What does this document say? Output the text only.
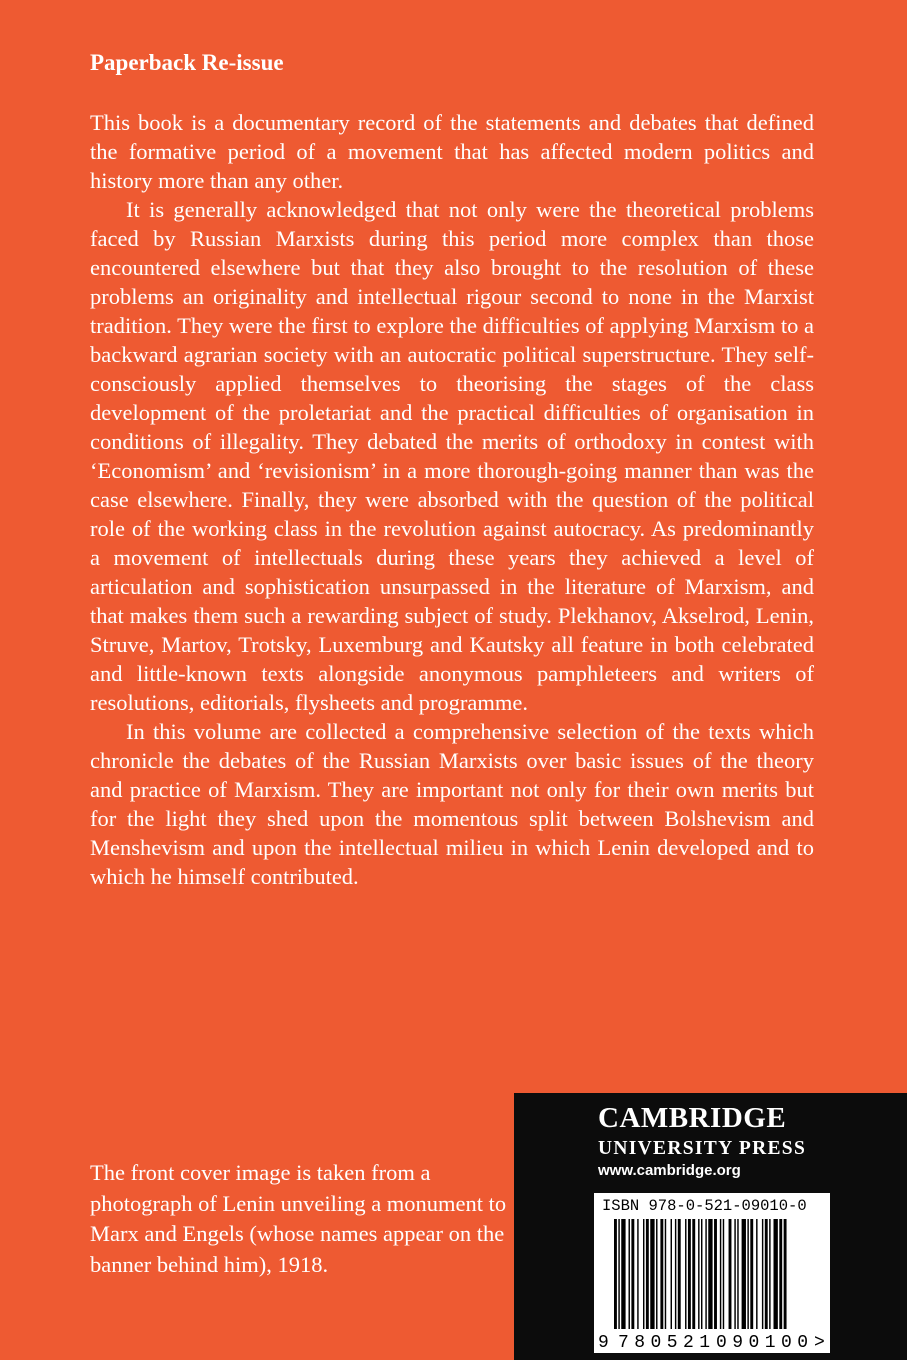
Paperback Re-issue

This book is a documentary record of the statements and debates that defined the formative period of a movement that has affected modern politics and history more than any other.

It is generally acknowledged that not only were the theoretical problems faced by Russian Marxists during this period more complex than those encountered elsewhere but that they also brought to the resolution of these problems an originality and intellectual rigour second to none in the Marxist tradition. They were the first to explore the difficulties of applying Marxism to a backward agrarian society with an autocratic political superstructure. They self-consciously applied themselves to theorising the stages of the class development of the proletariat and the practical difficulties of organisation in conditions of illegality. They debated the merits of orthodoxy in contest with ‘Economism’ and ‘revisionism’ in a more thorough-going manner than was the case elsewhere. Finally, they were absorbed with the question of the political role of the working class in the revolution against autocracy. As predominantly a movement of intellectuals during these years they achieved a level of articulation and sophistication unsurpassed in the literature of Marxism, and that makes them such a rewarding subject of study. Plekhanov, Akselrod, Lenin, Struve, Martov, Trotsky, Luxemburg and Kautsky all feature in both celebrated and little-known texts alongside anonymous pamphleteers and writers of resolutions, editorials, flysheets and programme.

In this volume are collected a comprehensive selection of the texts which chronicle the debates of the Russian Marxists over basic issues of the theory and practice of Marxism. They are important not only for their own merits but for the light they shed upon the momentous split between Bolshevism and Menshevism and upon the intellectual milieu in which Lenin developed and to which he himself contributed.

The front cover image is taken from a photograph of Lenin unveiling a monument to Marx and Engels (whose names appear on the banner behind him), 1918.
CAMBRIDGE
UNIVERSITY PRESS
www.cambridge.org
ISBN 978-0-521-09010-0
9 780521 090100 >
